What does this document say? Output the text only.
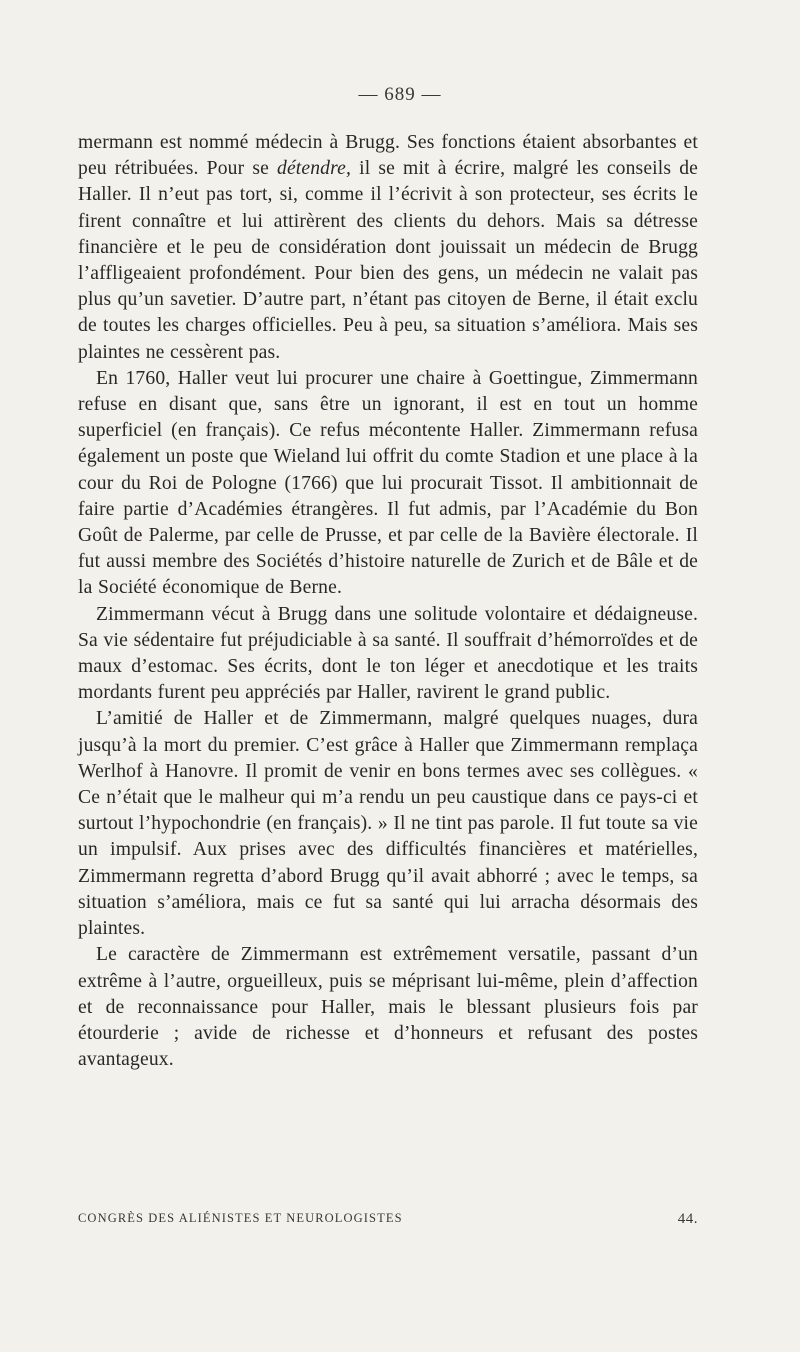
— 689 —

mermann est nommé médecin à Brugg. Ses fonctions étaient absorbantes et peu rétribuées. Pour se détendre, il se mit à écrire, malgré les conseils de Haller. Il n’eut pas tort, si, comme il l’écrivit à son protecteur, ses écrits le firent connaître et lui attirèrent des clients du dehors. Mais sa détresse financière et le peu de considération dont jouissait un médecin de Brugg l’affligeaient profondément. Pour bien des gens, un médecin ne valait pas plus qu’un savetier. D’autre part, n’étant pas citoyen de Berne, il était exclu de toutes les charges officielles. Peu à peu, sa situation s’améliora. Mais ses plaintes ne cessèrent pas.

En 1760, Haller veut lui procurer une chaire à Goettingue, Zimmermann refuse en disant que, sans être un ignorant, il est en tout un homme superficiel (en français). Ce refus mécontente Haller. Zimmermann refusa également un poste que Wieland lui offrit du comte Stadion et une place à la cour du Roi de Pologne (1766) que lui procurait Tissot. Il ambitionnait de faire partie d’Académies étrangères. Il fut admis, par l’Académie du Bon Goût de Palerme, par celle de Prusse, et par celle de la Bavière électorale. Il fut aussi membre des Sociétés d’histoire naturelle de Zurich et de Bâle et de la Société économique de Berne.

Zimmermann vécut à Brugg dans une solitude volontaire et dédaigneuse. Sa vie sédentaire fut préjudiciable à sa santé. Il souffrait d’hémorroïdes et de maux d’estomac. Ses écrits, dont le ton léger et anecdotique et les traits mordants furent peu appréciés par Haller, ravirent le grand public.

L’amitié de Haller et de Zimmermann, malgré quelques nuages, dura jusqu’à la mort du premier. C’est grâce à Haller que Zimmermann remplaça Werlhof à Hanovre. Il promit de venir en bons termes avec ses collègues. « Ce n’était que le malheur qui m’a rendu un peu caustique dans ce pays-ci et surtout l’hypochondrie (en français). » Il ne tint pas parole. Il fut toute sa vie un impulsif. Aux prises avec des difficultés financières et matérielles, Zimmermann regretta d’abord Brugg qu’il avait abhorré ; avec le temps, sa situation s’améliora, mais ce fut sa santé qui lui arracha désormais des plaintes.

Le caractère de Zimmermann est extrêmement versatile, passant d’un extrême à l’autre, orgueilleux, puis se méprisant lui-même, plein d’affection et de reconnaissance pour Haller, mais le blessant plusieurs fois par étourderie ; avide de richesse et d’honneurs et refusant des postes avantageux.

CONGRÈS DES ALIÉNISTES ET NEUROLOGISTES	44.
